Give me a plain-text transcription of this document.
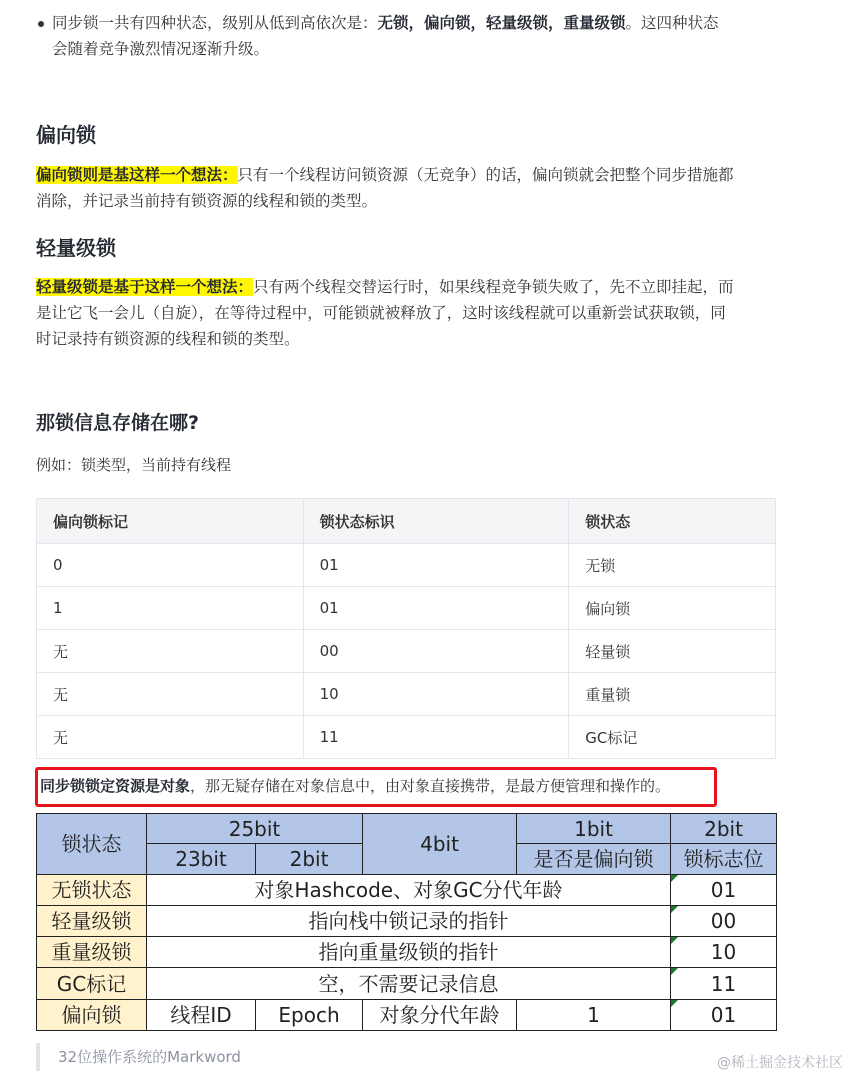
同步锁一共有四种状态，级别从低到高依次是：无锁，偏向锁，轻量级锁，重量级锁。这四种状态
会随着竞争激烈情况逐渐升级。
偏向锁

偏向锁则是基这样一个想法：只有一个线程访问锁资源（无竞争）的话，偏向锁就会把整个同步措施都
消除，并记录当前持有锁资源的线程和锁的类型。

轻量级锁

轻量级锁是基于这样一个想法：只有两个线程交替运行时，如果线程竞争锁失败了，先不立即挂起，而
是让它飞一会儿（自旋），在等待过程中，可能锁就被释放了，这时该线程就可以重新尝试获取锁，同
时记录持有锁资源的线程和锁的类型。

那锁信息存储在哪?

例如：锁类型，当前持有线程

偏向锁标记	锁状态标识	锁状态
0	01	无锁
1	01	偏向锁
无	00	轻量锁
无	10	重量锁
无	11	GC标记
同步锁锁定资源是对象，那无疑存储在对象信息中，由对象直接携带，是最方便管理和操作的。
锁状态	25bit		4bit	1bit	2bit
	23bit	2bit		是否是偏向锁	锁标志位
无锁状态	对象Hashcode、对象GC分代年龄				01
轻量级锁	指向栈中锁记录的指针				00
重量级锁	指向重量级锁的指针				10
GC标记	空，不需要记录信息				11
偏向锁	线程ID	Epoch	对象分代年龄	1	01
32位操作系统的Markword	@稀土掘金技术社区
